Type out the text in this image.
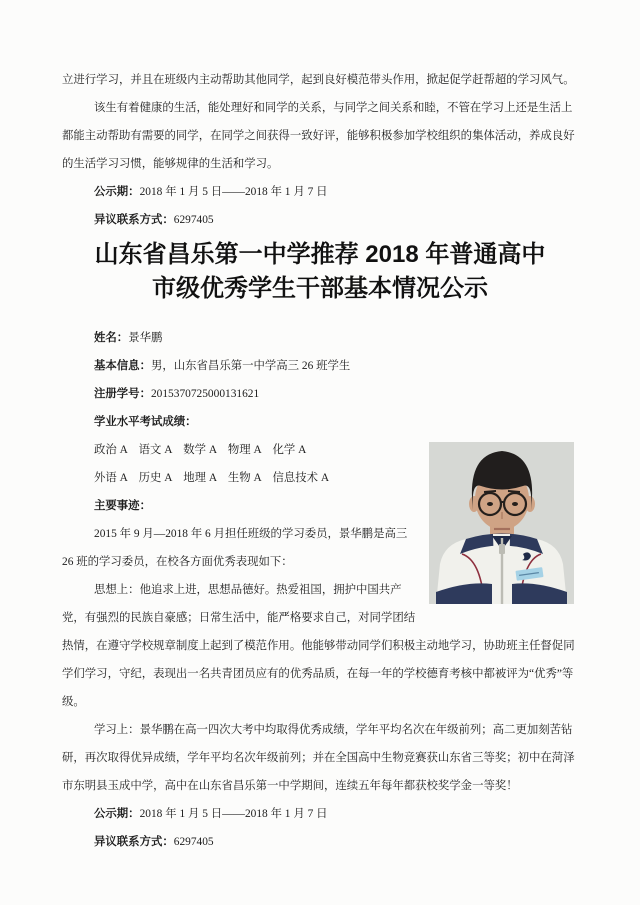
立进行学习，并且在班级内主动帮助其他同学，起到良好模范带头作用，掀起促学赶帮超的学习风气。

该生有着健康的生活，能处理好和同学的关系，与同学之间关系和睦，不管在学习上还是生活上都能主动帮助有需要的同学，在同学之间获得一致好评，能够积极参加学校组织的集体活动，养成良好的生活学习习惯，能够规律的生活和学习。

公示期：2018 年 1 月 5 日——2018 年 1 月 7 日

异议联系方式：6297405

山东省昌乐第一中学推荐 2018 年普通高中
市级优秀学生干部基本情况公示

姓名：景华鹏

基本信息：男，山东省昌乐第一中学高三 26 班学生

注册学号：2015370725000131621

学业水平考试成绩：

政治 A　语文 A　数学 A　物理 A　化学 A

外语 A　历史 A　地理 A　生物 A　信息技术 A

主要事迹：

2015 年 9 月—2018 年 6 月担任班级的学习委员，景华鹏是高三 26 班的学习委员，在校各方面优秀表现如下：

思想上：他追求上进，思想品德好。热爱祖国，拥护中国共产党，有强烈的民族自豪感；日常生活中，能严格要求自己，对同学团结热情，在遵守学校规章制度上起到了模范作用。他能够带动同学们积极主动地学习，协助班主任督促同学们学习，守纪，表现出一名共青团员应有的优秀品质，在每一年的学校德育考核中都被评为“优秀”等级。

学习上：景华鹏在高一四次大考中均取得优秀成绩，学年平均名次在年级前列；高二更加刻苦钻研，再次取得优异成绩，学年平均名次年级前列；并在全国高中生物竞赛获山东省三等奖；初中在菏泽市东明县玉成中学，高中在山东省昌乐第一中学期间，连续五年每年都获校奖学金一等奖！

公示期：2018 年 1 月 5 日——2018 年 1 月 7 日

异议联系方式：6297405
